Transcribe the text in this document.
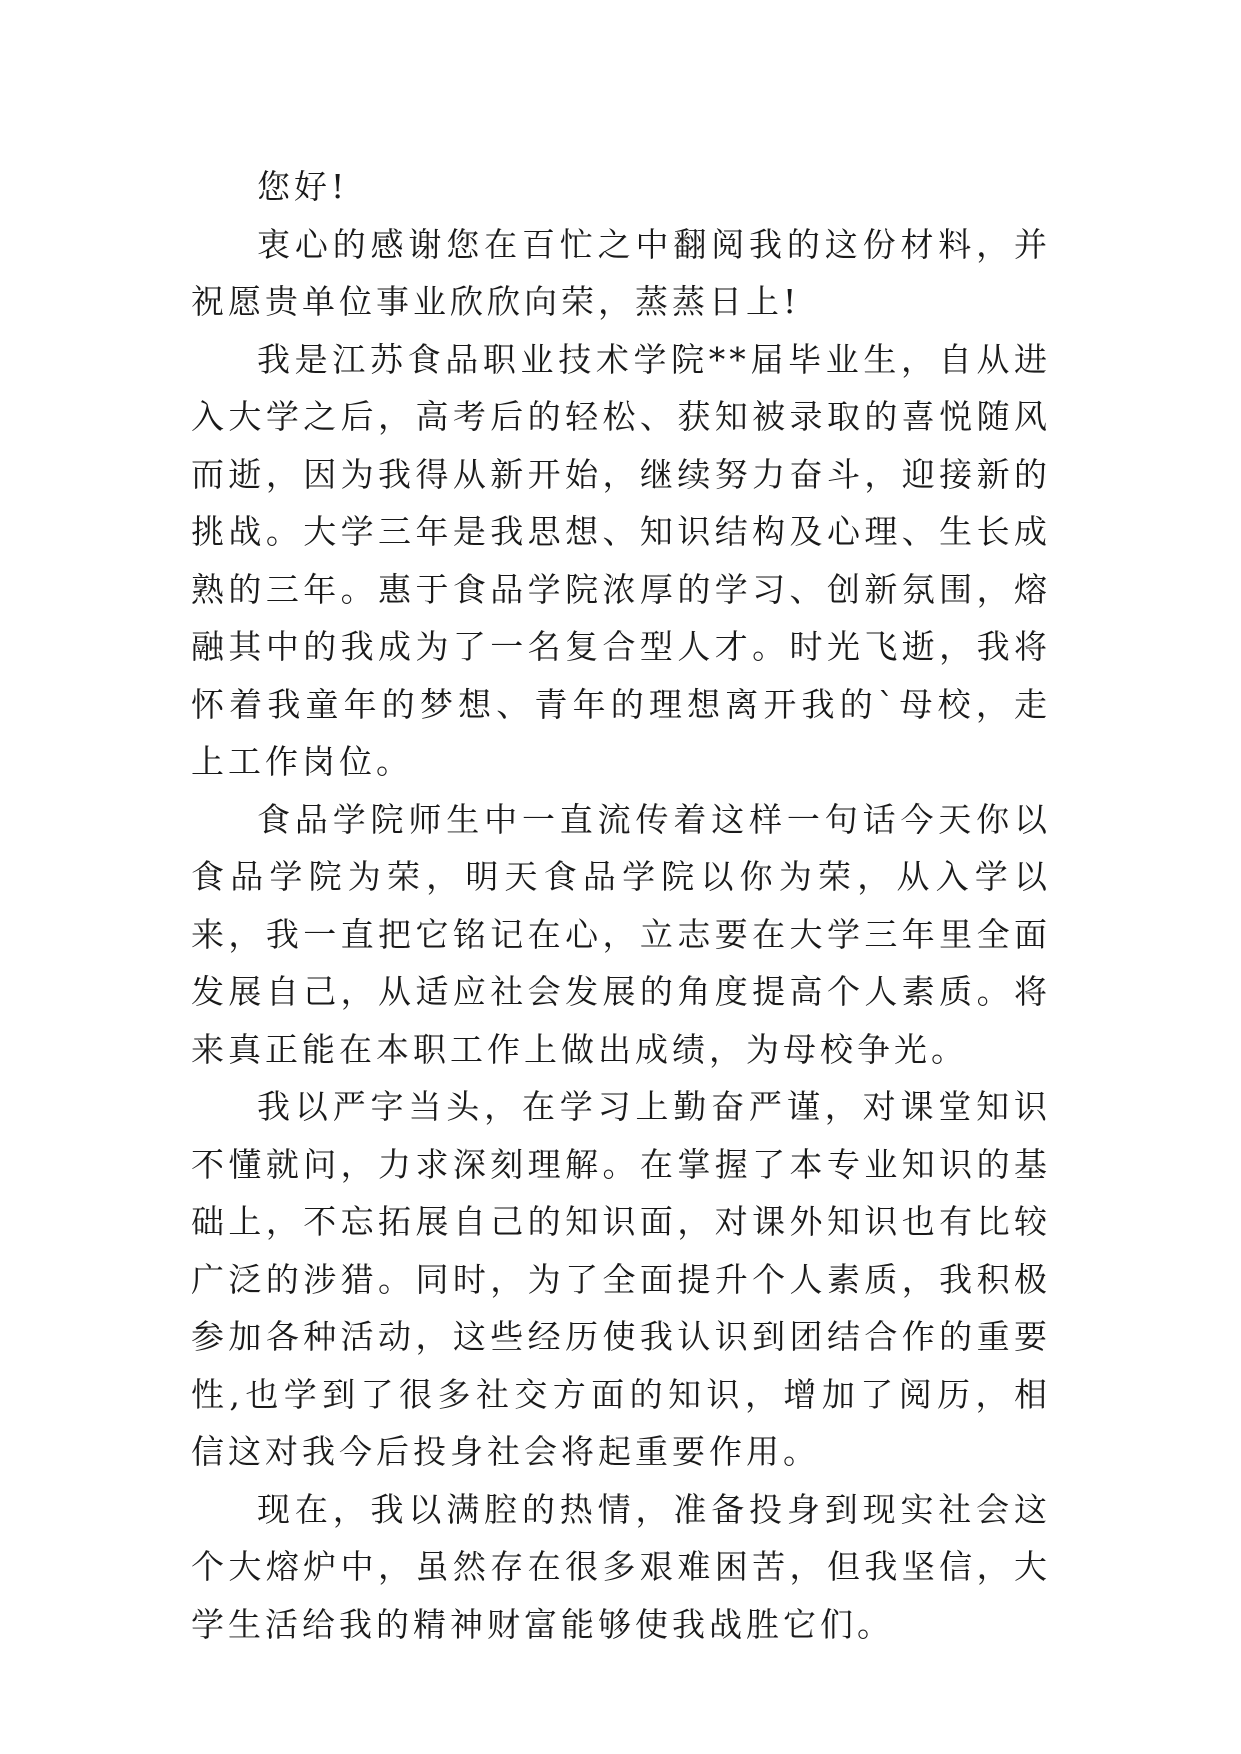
您好!

衷心的感谢您在百忙之中翻阅我的这份材料，并祝愿贵单位事业欣欣向荣，蒸蒸日上!

我是江苏食品职业技术学院**届毕业生，自从进入大学之后，高考后的轻松、获知被录取的喜悦随风而逝，因为我得从新开始，继续努力奋斗，迎接新的挑战。大学三年是我思想、知识结构及心理、生长成熟的三年。惠于食品学院浓厚的学习、创新氛围，熔融其中的我成为了一名复合型人才。时光飞逝，我将怀着我童年的梦想、青年的理想离开我的`母校，走上工作岗位。

食品学院师生中一直流传着这样一句话今天你以食品学院为荣，明天食品学院以你为荣，从入学以来，我一直把它铭记在心，立志要在大学三年里全面发展自己，从适应社会发展的角度提高个人素质。将来真正能在本职工作上做出成绩，为母校争光。

我以严字当头，在学习上勤奋严谨，对课堂知识不懂就问，力求深刻理解。在掌握了本专业知识的基础上，不忘拓展自己的知识面，对课外知识也有比较广泛的涉猎。同时，为了全面提升个人素质，我积极参加各种活动，这些经历使我认识到团结合作的重要性,也学到了很多社交方面的知识，增加了阅历，相信这对我今后投身社会将起重要作用。

现在，我以满腔的热情，准备投身到现实社会这个大熔炉中，虽然存在很多艰难困苦，但我坚信，大学生活给我的精神财富能够使我战胜它们。
